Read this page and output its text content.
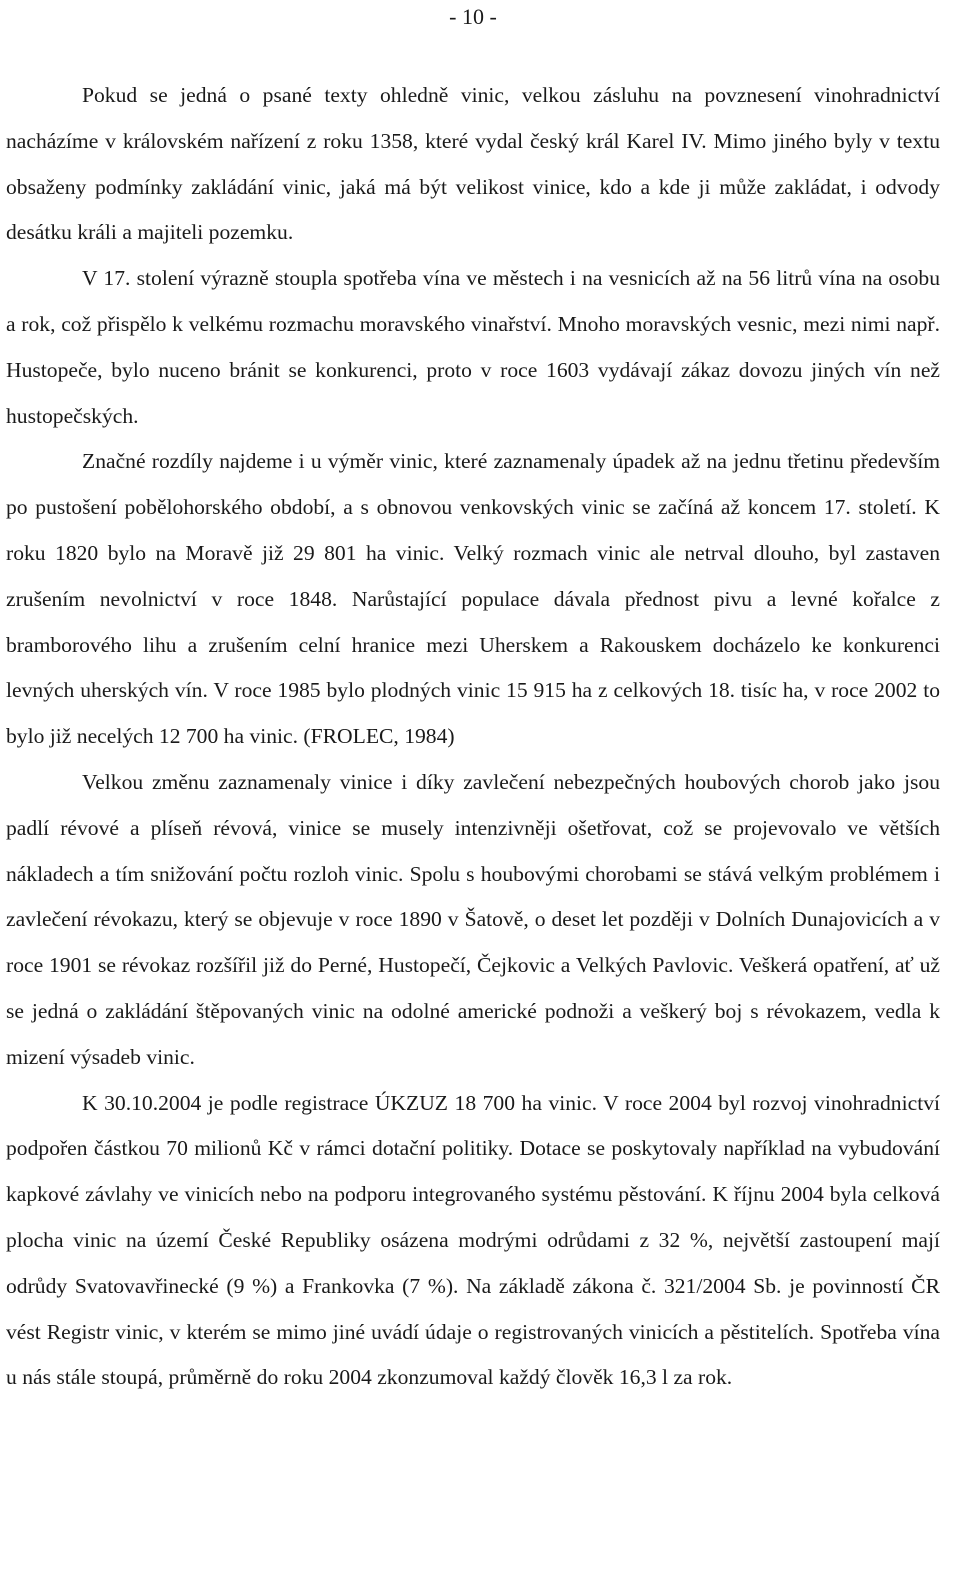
- 10 -

Pokud se jedná o psané texty ohledně vinic, velkou zásluhu na povznesení vinohradnictví nacházíme v královském nařízení z roku 1358, které vydal český král Karel IV. Mimo jiného byly v textu obsaženy podmínky zakládání vinic, jaká má být velikost vinice, kdo a kde ji může zakládat, i odvody desátku králi a majiteli pozemku.

V 17. stolení výrazně stoupla spotřeba vína ve městech i na vesnicích až na 56 litrů vína na osobu a rok, což přispělo k velkému rozmachu moravského vinařství. Mnoho moravských vesnic, mezi nimi např. Hustopeče, bylo nuceno bránit se konkurenci, proto v roce 1603 vydávají zákaz dovozu jiných vín než hustopečských.

Značné rozdíly najdeme i u výměr vinic, které zaznamenaly úpadek až na jednu třetinu především po pustošení pobělohorského období, a s obnovou venkovských vinic se začíná až koncem 17. století. K roku 1820 bylo na Moravě již 29 801 ha vinic. Velký rozmach vinic ale netrval dlouho, byl zastaven zrušením nevolnictví v roce 1848. Narůstající populace dávala přednost pivu a levné kořalce z bramborového lihu a zrušením celní hranice mezi Uherskem a Rakouskem docházelo ke konkurenci levných uherských vín. V roce 1985 bylo plodných vinic 15 915 ha z celkových 18. tisíc ha, v roce 2002 to bylo již necelých 12 700 ha vinic. (FROLEC, 1984)

Velkou změnu zaznamenaly vinice i díky zavlečení nebezpečných houbových chorob jako jsou padlí révové a plíseň révová, vinice se musely intenzivněji ošetřovat, což se projevovalo ve větších nákladech a tím snižování počtu rozloh vinic. Spolu s houbovými chorobami se stává velkým problémem i zavlečení révokazu, který se objevuje v roce 1890 v Šatově, o deset let později v Dolních Dunajovicích a v roce 1901 se révokaz rozšířil již do Perné, Hustopečí, Čejkovic a Velkých Pavlovic. Veškerá opatření, ať už se jedná o zakládání štěpovaných vinic na odolné americké podnoži a veškerý boj s révokazem, vedla k mizení výsadeb vinic.

K 30.10.2004 je podle registrace ÚKZUZ 18 700 ha vinic. V roce 2004 byl rozvoj vinohradnictví podpořen částkou 70 milionů Kč v rámci dotační politiky. Dotace se poskytovaly například na vybudování kapkové závlahy ve vinicích nebo na podporu integrovaného systému pěstování. K říjnu 2004 byla celková plocha vinic na území České Republiky osázena modrými odrůdami z 32 %, největší zastoupení mají odrůdy Svatovavřinecké (9 %) a Frankovka (7 %). Na základě zákona č. 321/2004 Sb. je povinností ČR vést Registr vinic, v kterém se mimo jiné uvádí údaje o registrovaných vinicích a pěstitelích. Spotřeba vína u nás stále stoupá, průměrně do roku 2004 zkonzumoval každý člověk 16,3 l za rok.
